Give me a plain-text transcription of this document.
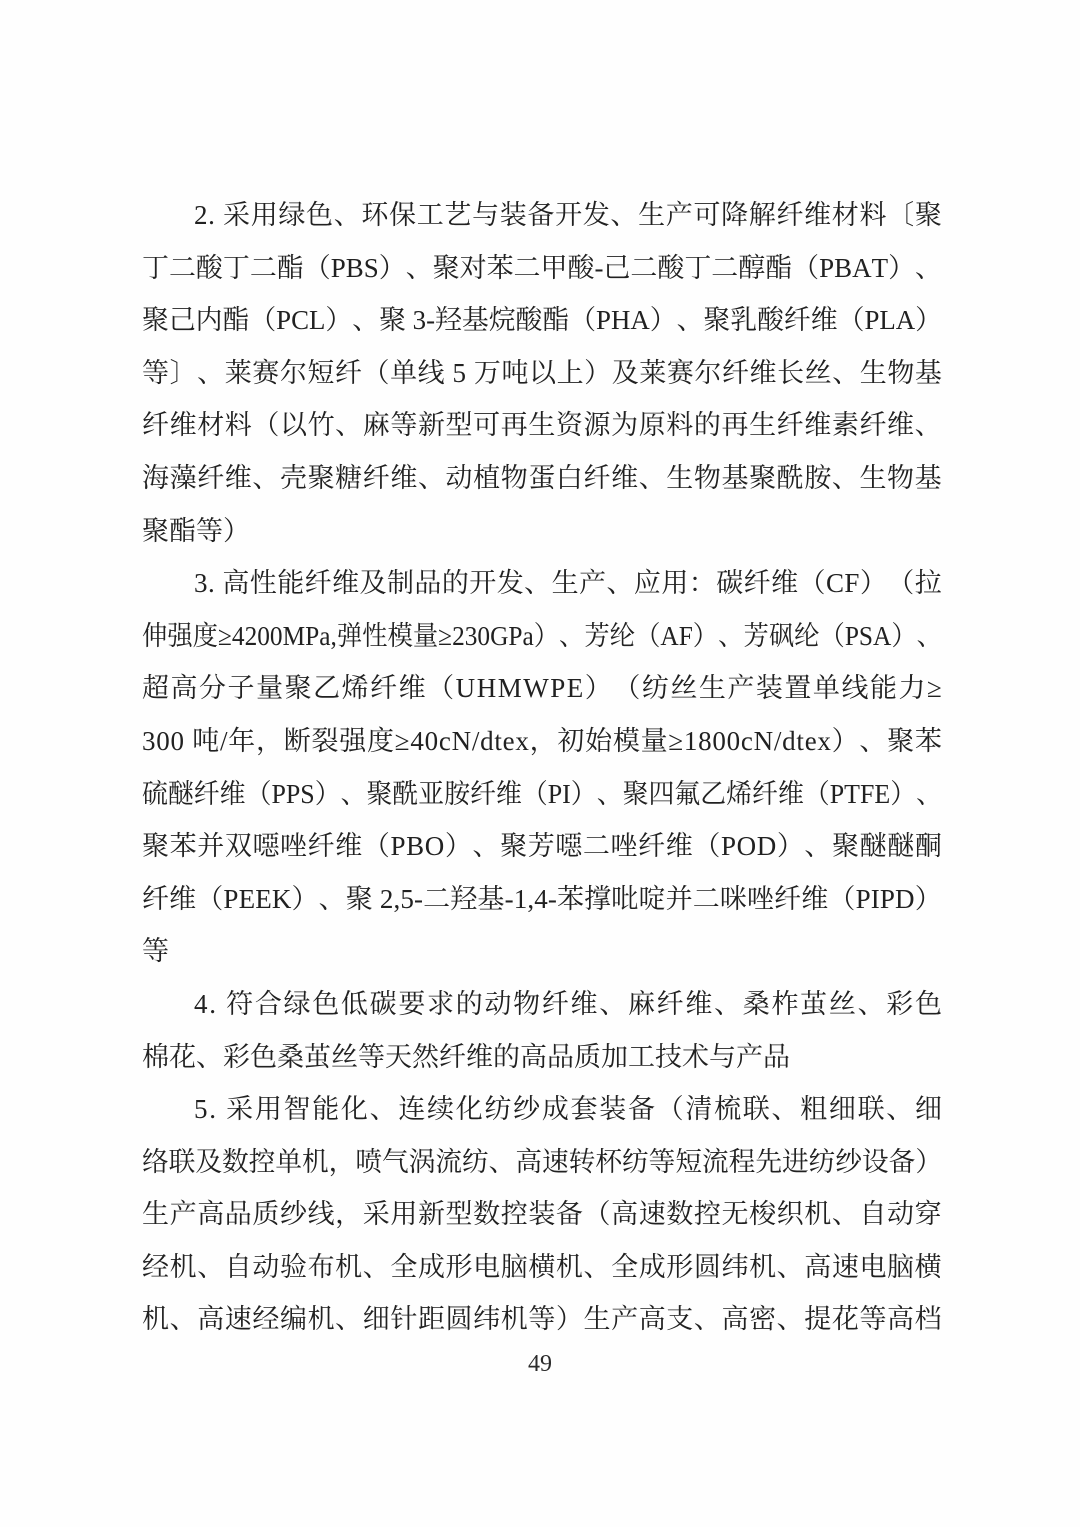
2 .
采 用 绿 色 、 环 保 工 艺 与 装 备 开 发 、 生 产 可 降 解 纤 维 材 料 〔 聚
丁 二 酸 丁 二 酯 （ P B S ） 、 聚 对 苯 二 甲 酸 - 己 二 酸 丁 二 醇 酯 （ P B A T ） 、
聚 己 内 酯 （ P C L ） 、 聚
3 - 羟 基 烷 酸 酯 （ P H A ） 、 聚 乳 酸 纤 维 （ P L A ）
等 〕 、 莱 赛 尔 短 纤 （ 单 线
5
万 吨 以 上 ） 及 莱 赛 尔 纤 维 长 丝 、 生 物 基
纤 维 材 料 （ 以 竹 、 麻 等 新 型 可 再 生 资 源 为 原 料 的 再 生 纤 维 素 纤 维 、
海 藻 纤 维 、 壳 聚 糖 纤 维 、 动 植 物 蛋 白 纤 维 、 生 物 基 聚 酰 胺 、 生 物 基
聚酯等）
3 .
高 性 能 纤 维 及 制 品 的 开 发 、 生 产 、 应 用 ： 碳 纤 维 （ C F ） （ 拉
伸 强 度 ≥ 4 2 0 0 M P a , 弹 性 模 量 ≥ 2 3 0 G P a ） 、 芳 纶 （ A F ） 、 芳 砜 纶 （ P S A ） 、
超 高 分 子 量 聚 乙 烯 纤 维 （ U H M W P E ） （ 纺 丝 生 产 装 置 单 线 能 力 ≥
3 0 0
吨 / 年 ， 断 裂 强 度 ≥ 4 0 c N / d t e x ， 初 始 模 量 ≥ 1 8 0 0 c N / d t e x ） 、 聚 苯
硫 醚 纤 维 （ P P S ） 、 聚 酰 亚 胺 纤 维 （ P I ） 、 聚 四 氟 乙 烯 纤 维 （ P T F E ） 、
聚 苯 并 双 噁 唑 纤 维 （ P B O ） 、 聚 芳 噁 二 唑 纤 维 （ P O D ） 、 聚 醚 醚 酮
纤 维 （ P E E K ） 、 聚
2 , 5 - 二 羟 基 - 1 , 4 - 苯 撑 吡 啶 并 二 咪 唑 纤 维 （ P I P D ）
等
4 .
符 合 绿 色 低 碳 要 求 的 动 物 纤 维 、 麻 纤 维 、 桑 柞 茧 丝 、 彩 色
棉花、彩色桑茧丝等天然纤维的高品质加工技术与产品
5 .
采 用 智 能 化 、 连 续 化 纺 纱 成 套 装 备 （ 清 梳 联 、 粗 细 联 、 细
络 联 及 数 控 单 机 ， 喷 气 涡 流 纺 、 高 速 转 杯 纺 等 短 流 程 先 进 纺 纱 设 备 ）
生 产 高 品 质 纱 线 ， 采 用 新 型 数 控 装 备 （ 高 速 数 控 无 梭 织 机 、 自 动 穿
经 机 、 自 动 验 布 机 、 全 成 形 电 脑 横 机 、 全 成 形 圆 纬 机 、 高 速 电 脑 横
机 、 高 速 经 编 机 、 细 针 距 圆 纬 机 等 ） 生 产 高 支 、 高 密 、 提 花 等 高 档
49
